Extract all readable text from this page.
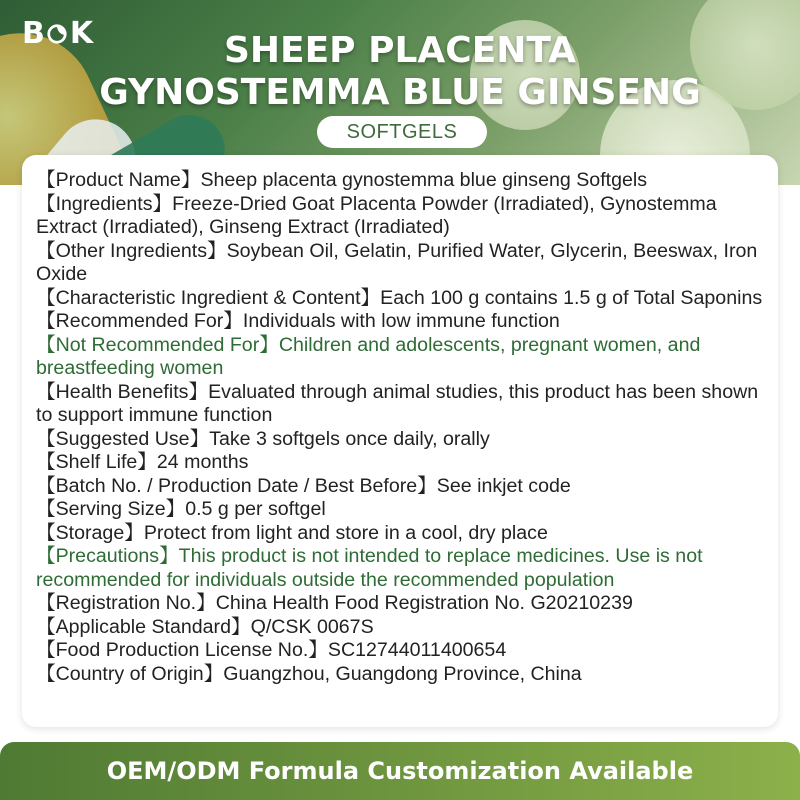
B K	SHEEP PLACENTA
GYNOSTEMMA BLUE GINSENG
SOFTGELS
【Product Name】Sheep placenta gynostemma blue ginseng Softgels
【Ingredients】Freeze-Dried Goat Placenta Powder (Irradiated), Gynostemma Extract (Irradiated), Ginseng Extract (Irradiated)
【Other Ingredients】Soybean Oil, Gelatin, Purified Water, Glycerin, Beeswax, Iron Oxide
【Characteristic Ingredient & Content】Each 100 g contains 1.5 g of Total Saponins
【Recommended For】Individuals with low immune function
【Not Recommended For】Children and adolescents, pregnant women, and breastfeeding women
【Health Benefits】Evaluated through animal studies, this product has been shown to support immune function
【Suggested Use】Take 3 softgels once daily, orally
【Shelf Life】24 months
【Batch No. / Production Date / Best Before】See inkjet code
【Serving Size】0.5 g per softgel
【Storage】Protect from light and store in a cool, dry place
【Precautions】This product is not intended to replace medicines. Use is not recommended for individuals outside the recommended population
【Registration No.】China Health Food Registration No. G20210239
【Applicable Standard】Q/CSK 0067S
【Food Production License No.】SC12744011400654
【Country of Origin】Guangzhou, Guangdong Province, China
OEM/ODM Formula Customization Available
